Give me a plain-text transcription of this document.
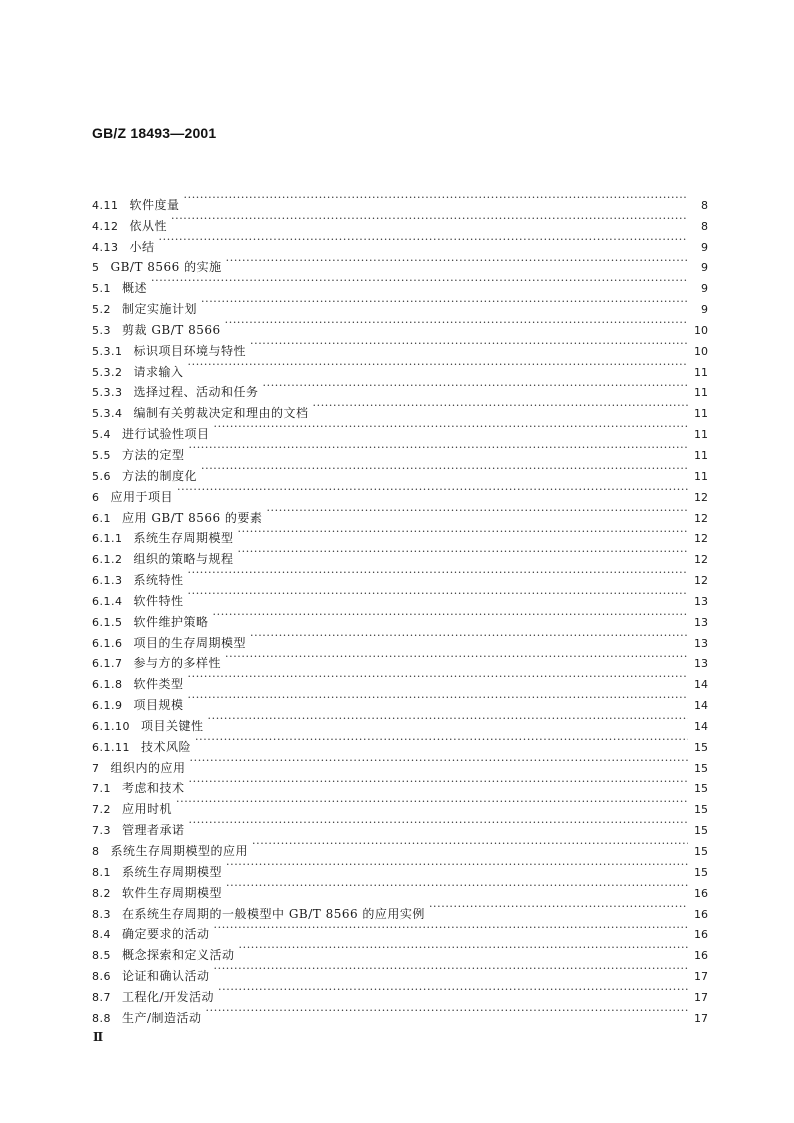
GB/Z 18493—2001
4.11 软件度量 ·····	8
4.12 依从性 ·····	8
4.13 小结 ·····	9
5 GB/T 8566 的实施 ·····	9
5.1 概述 ·····	9
5.2 制定实施计划 ·····	9
5.3 剪裁 GB/T 8566 ·····	10
5.3.1 标识项目环境与特性 ·····	10
5.3.2 请求输入 ·····	11
5.3.3 选择过程、活动和任务 ·····	11
5.3.4 编制有关剪裁决定和理由的文档 ·····	11
5.4 进行试验性项目 ·····	11
5.5 方法的定型 ·····	11
5.6 方法的制度化 ·····	11
6 应用于项目 ·····	12
6.1 应用 GB/T 8566 的要素 ·····	12
6.1.1 系统生存周期模型 ·····	12
6.1.2 组织的策略与规程 ·····	12
6.1.3 系统特性 ·····	12
6.1.4 软件特性 ·····	13
6.1.5 软件维护策略 ·····	13
6.1.6 项目的生存周期模型 ·····	13
6.1.7 参与方的多样性 ·····	13
6.1.8 软件类型 ·····	14
6.1.9 项目规模 ·····	14
6.1.10 项目关键性 ·····	14
6.1.11 技术风险 ·····	15
7 组织内的应用 ·····	15
7.1 考虑和技术 ·····	15
7.2 应用时机 ·····	15
7.3 管理者承诺 ·····	15
8 系统生存周期模型的应用 ·····	15
8.1 系统生存周期模型 ·····	15
8.2 软件生存周期模型 ·····	16
8.3 在系统生存周期的一般模型中 GB/T 8566 的应用实例 ·····	16
8.4 确定要求的活动 ·····	16
8.5 概念探索和定义活动 ·····	16
8.6 论证和确认活动 ·····	17
8.7 工程化/开发活动 ·····	17
8.8 生产/制造活动 ·····	17
Ⅱ
